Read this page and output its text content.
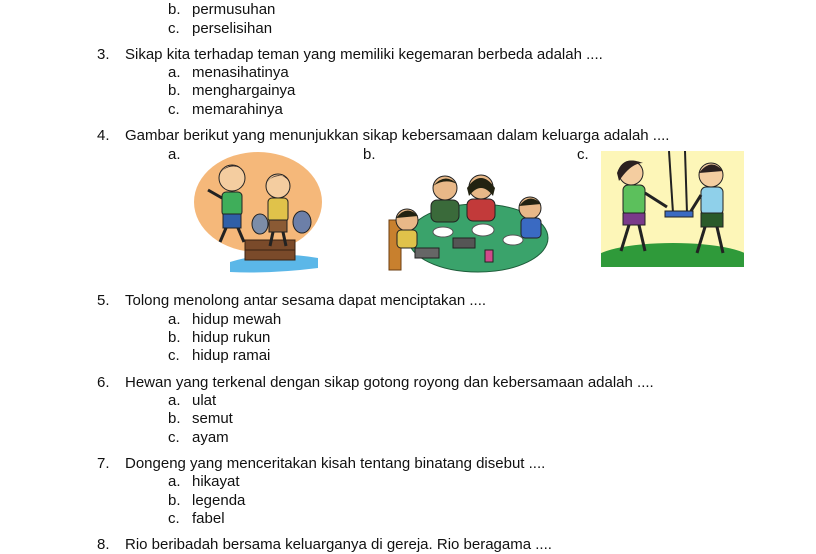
b. permusuhan
c. perselisihan
3. Sikap kita terhadap teman yang memiliki kegemaran berbeda adalah ....
a. menasihatinya
b. menghargainya
c. memarahinya
4. Gambar berikut yang menunjukkan sikap kebersamaan dalam keluarga adalah ....
a.	b.	c.
5. Tolong menolong antar sesama dapat menciptakan ....
a. hidup mewah
b. hidup rukun
c. hidup ramai
6. Hewan yang terkenal dengan sikap gotong royong dan kebersamaan adalah ....
a. ulat
b. semut
c. ayam
7. Dongeng yang menceritakan kisah tentang binatang disebut ....
a. hikayat
b. legenda
c. fabel
8. Rio beribadah bersama keluarganya di gereja. Rio beragama ....
